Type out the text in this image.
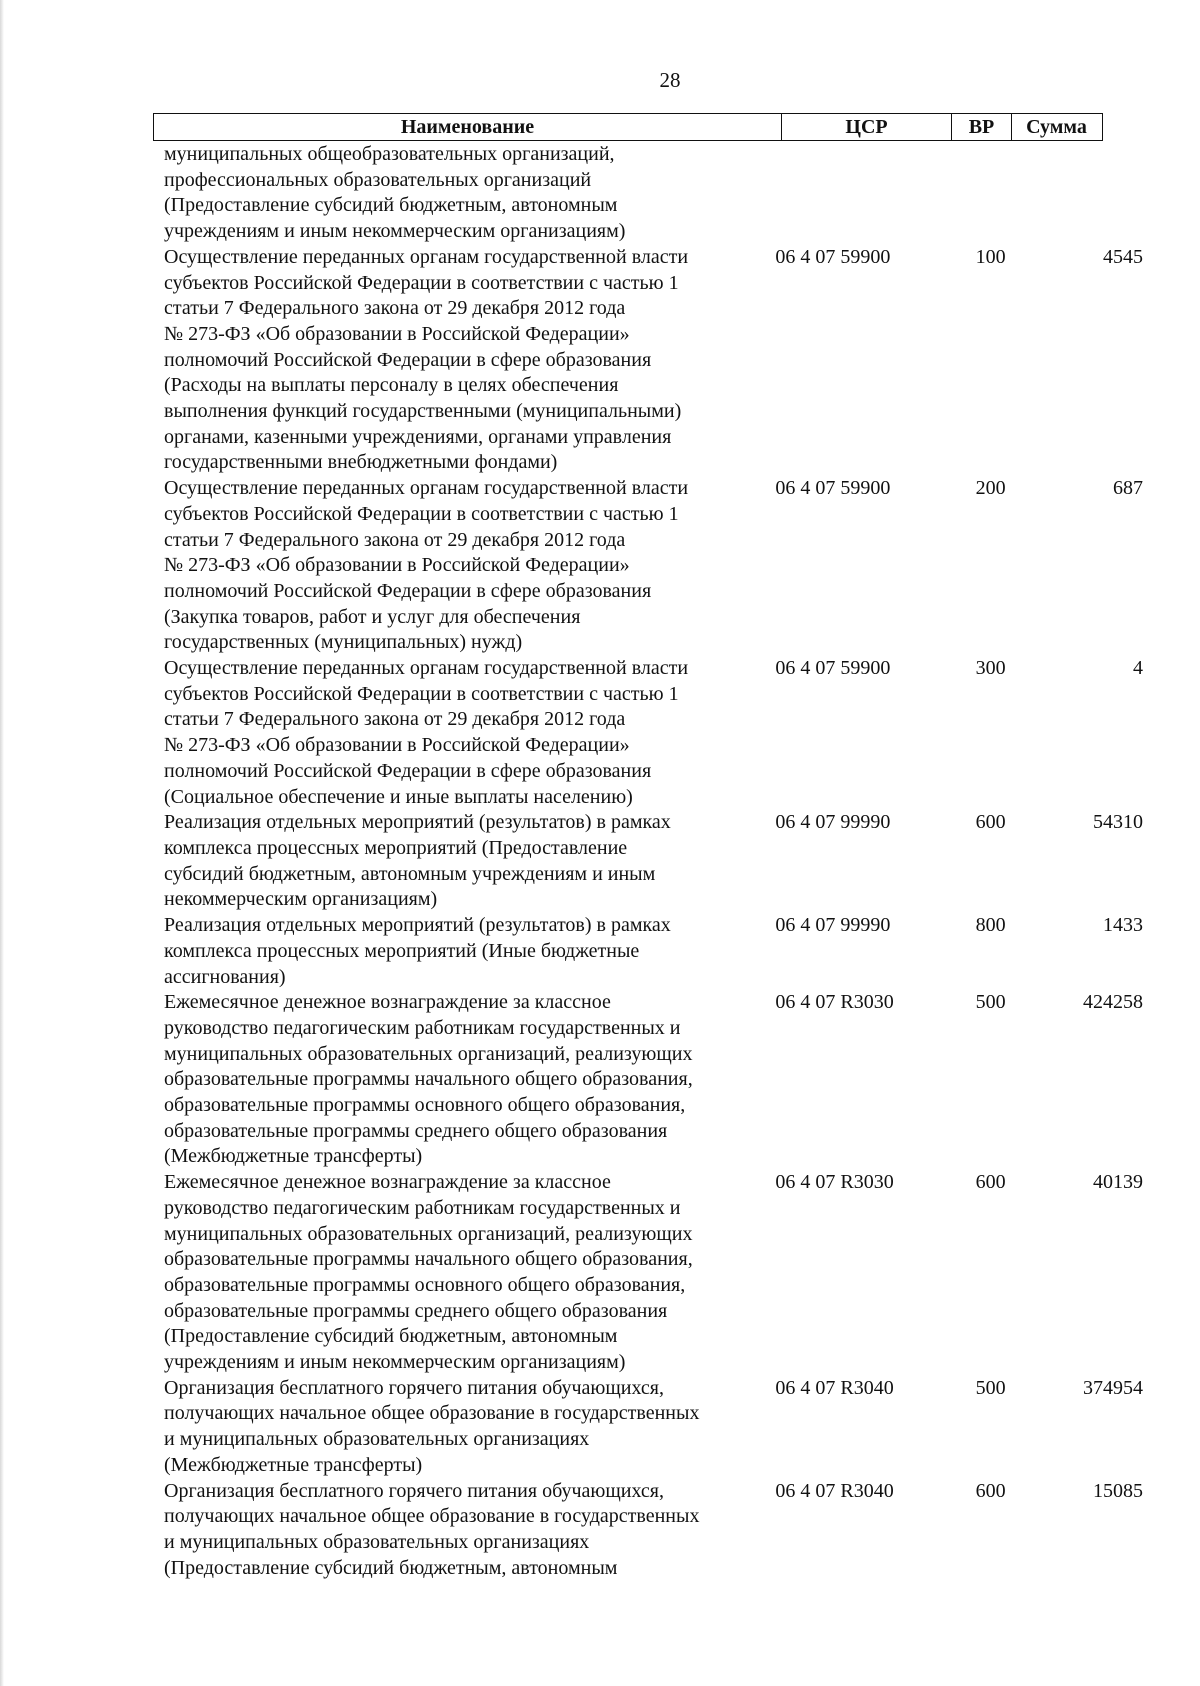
28
Наименование	ЦСР	ВР	Сумма
муниципальных общеобразовательных организаций,
профессиональных образовательных организаций
(Предоставление субсидий бюджетным, автономным
учреждениям и иным некоммерческим организациям)
Осуществление переданных органам государственной власти
субъектов Российской Федерации в соответствии с частью 1
статьи 7 Федерального закона от 29 декабря 2012 года
№ 273-ФЗ «Об образовании в Российской Федерации»
полномочий Российской Федерации в сфере образования
(Расходы на выплаты персоналу в целях обеспечения
выполнения функций государственными (муниципальными)
органами, казенными учреждениями, органами управления
государственными внебюджетными фондами)
06 4 07 59900	100	4545
Осуществление переданных органам государственной власти
субъектов Российской Федерации в соответствии с частью 1
статьи 7 Федерального закона от 29 декабря 2012 года
№ 273-ФЗ «Об образовании в Российской Федерации»
полномочий Российской Федерации в сфере образования
(Закупка товаров, работ и услуг для обеспечения
государственных (муниципальных) нужд)
06 4 07 59900	200	687
Осуществление переданных органам государственной власти
субъектов Российской Федерации в соответствии с частью 1
статьи 7 Федерального закона от 29 декабря 2012 года
№ 273-ФЗ «Об образовании в Российской Федерации»
полномочий Российской Федерации в сфере образования
(Социальное обеспечение и иные выплаты населению)
06 4 07 59900	300	4
Реализация отдельных мероприятий (результатов) в рамках
комплекса процессных мероприятий (Предоставление
субсидий бюджетным, автономным учреждениям и иным
некоммерческим организациям)
06 4 07 99990	600	54310
Реализация отдельных мероприятий (результатов) в рамках
комплекса процессных мероприятий (Иные бюджетные
ассигнования)
06 4 07 99990	800	1433
Ежемесячное денежное вознаграждение за классное
руководство педагогическим работникам государственных и
муниципальных образовательных организаций, реализующих
образовательные программы начального общего образования,
образовательные программы основного общего образования,
образовательные программы среднего общего образования
(Межбюджетные трансферты)
06 4 07 R3030	500	424258
Ежемесячное денежное вознаграждение за классное
руководство педагогическим работникам государственных и
муниципальных образовательных организаций, реализующих
образовательные программы начального общего образования,
образовательные программы основного общего образования,
образовательные программы среднего общего образования
(Предоставление субсидий бюджетным, автономным
учреждениям и иным некоммерческим организациям)
06 4 07 R3030	600	40139
Организация бесплатного горячего питания обучающихся,
получающих начальное общее образование в государственных
и муниципальных образовательных организациях
(Межбюджетные трансферты)
06 4 07 R3040	500	374954
Организация бесплатного горячего питания обучающихся,
получающих начальное общее образование в государственных
и муниципальных образовательных организациях
(Предоставление субсидий бюджетным, автономным
06 4 07 R3040	600	15085
